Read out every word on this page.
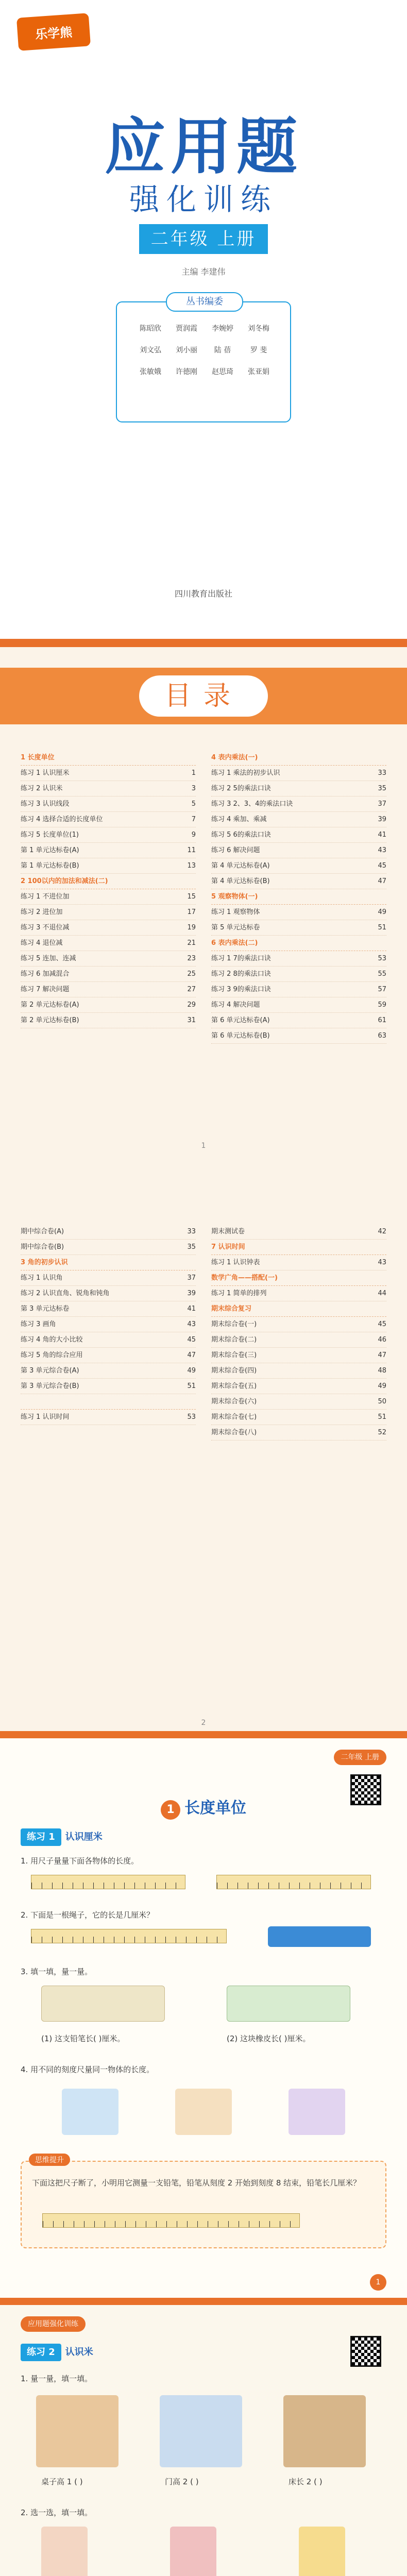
乐学熊
应用题
强化训练
二年级 上册
主编 李建伟
丛书编委
陈昭欣	贾润霞	李婉婷	刘冬梅
刘文弘	刘小丽	陆 蓓	罗 斐
张敏娥	许德刚	赵思琦	张亚娟
四川教育出版社
目录
1 长度单位
练习 1 认识厘米	1
练习 2 认识米	3
练习 3 认识线段	5
练习 4 选择合适的长度单位	7
练习 5 长度单位(1)	9
第 1 单元达标卷(A)	11
第 1 单元达标卷(B)	13
2 100以内的加法和减法(二)
练习 1 不进位加	15
练习 2 进位加	17
练习 3 不退位减	19
练习 4 退位减	21
练习 5 连加、连减	23
练习 6 加减混合	25
练习 7 解决问题	27
第 2 单元达标卷(A)	29
第 2 单元达标卷(B)	31
4 表内乘法(一)
练习 1 乘法的初步认识	33
练习 2 5的乘法口诀	35
练习 3 2、3、4的乘法口诀	37
练习 4 乘加、乘减	39
练习 5 6的乘法口诀	41
练习 6 解决问题	43
第 4 单元达标卷(A)	45
第 4 单元达标卷(B)	47
5 观察物体(一)
练习 1 观察物体	49
第 5 单元达标卷	51
6 表内乘法(二)
练习 1 7的乘法口诀	53
练习 2 8的乘法口诀	55
练习 3 9的乘法口诀	57
练习 4 解决问题	59
第 6 单元达标卷(A)	61
第 6 单元达标卷(B)	63
1
期中综合卷(A)	33
期中综合卷(B)	35
3 角的初步认识
练习 1 认识角	37
练习 2 认识直角、锐角和钝角	39
第 3 单元达标卷	41
练习 3 画角	43
练习 4 角的大小比较	45
练习 5 角的综合应用	47
第 3 单元综合卷(A)	49
第 3 单元综合卷(B)	51
练习 1 认识时间	53
期末测试卷	42
7 认识时间
练习 1 认识钟表	43
数学广角——搭配(一)
练习 1 简单的排列	44
期末综合复习
期末综合卷(一)	45
期末综合卷(二)	46
期末综合卷(三)	47
期末综合卷(四)	48
期末综合卷(五)	49
期末综合卷(六)	50
期末综合卷(七)	51
期末综合卷(八)	52
2
二年级 上册
1 长度单位
练习 1 认识厘米
1. 用尺子量量下面各物体的长度。
2. 下面是一根绳子，它的长是几厘米？
3. 填一填，量一量。
(1) 这支铅笔长( )厘米。	(2) 这块橡皮长( )厘米。
4. 用不同的刻度尺量同一物体的长度。
思维提升
下面这把尺子断了，小明用它测量一支铅笔，铅笔从刻度 2 开始到刻度 8 结束，铅笔长几厘米？
1
应用题强化训练
练习 2 认识米
1. 量一量，填一填。
桌子高 1 ( )	门高 2 ( )	床长 2 ( )
2. 选一选，填一填。
